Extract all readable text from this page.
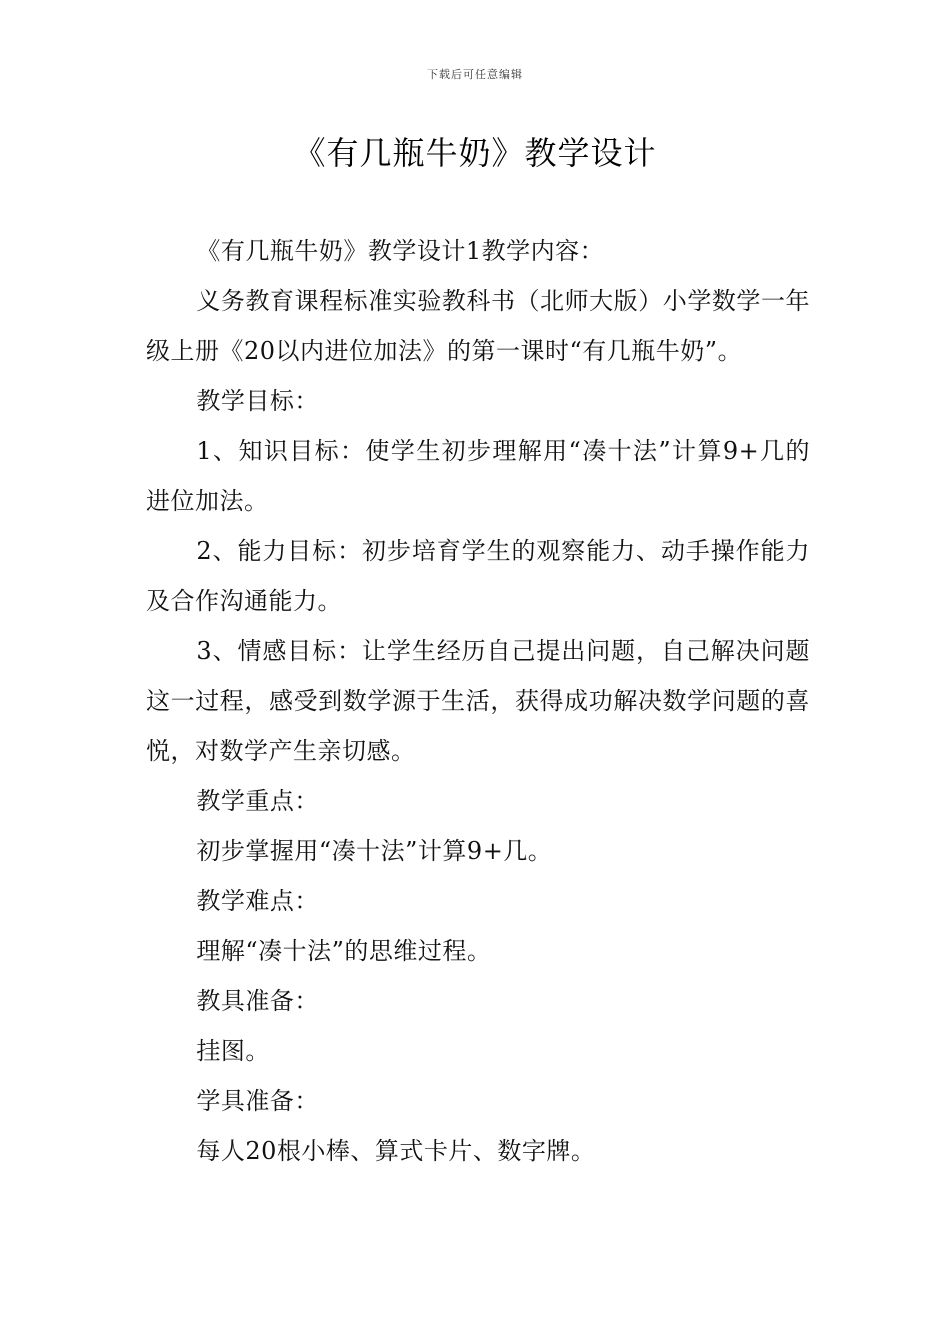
下载后可任意编辑
《有几瓶牛奶》教学设计

《有几瓶牛奶》教学设计1教学内容：

义务教育课程标准实验教科书（北师大版）小学数学一年级上册《20以内进位加法》的第一课时“有几瓶牛奶”。

教学目标：

1、知识目标：使学生初步理解用“凑十法”计算9+几的进位加法。

2、能力目标：初步培育学生的观察能力、动手操作能力及合作沟通能力。

3、情感目标：让学生经历自己提出问题，自己解决问题这一过程，感受到数学源于生活，获得成功解决数学问题的喜悦，对数学产生亲切感。

教学重点：

初步掌握用“凑十法”计算9+几。

教学难点：

理解“凑十法”的思维过程。

教具准备：

挂图。

学具准备：

每人20根小棒、算式卡片、数字牌。
